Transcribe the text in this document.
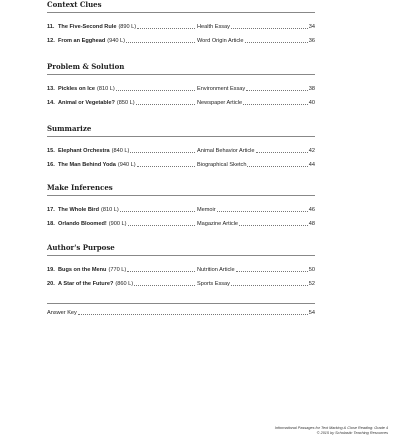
Context Clues
11. The Five-Second Rule (890 L)	Health Essay	34
12. From an Egghead (940 L)	Word Origin Article	36
Problem & Solution
13. Pickles on Ice (810 L)	Environment Essay	38
14. Animal or Vegetable? (850 L)	Newspaper Article	40
Summarize
15. Elephant Orchestra (840 L)	Animal Behavior Article	42
16. The Man Behind Yoda (940 L)	Biographical Sketch	44
Make Inferences
17. The Whole Bird (810 L)	Memoir	46
18. Orlando Bloomed! (900 L)	Magazine Article	48
Author's Purpose
19. Bugs on the Menu (770 L)	Nutrition Article	50
20. A Star of the Future? (860 L)	Sports Essay	52
Answer Key	54
Informational Passages for Text Marking & Close Reading: Grade 4
© 2015 by Scholastic Teaching Resources
